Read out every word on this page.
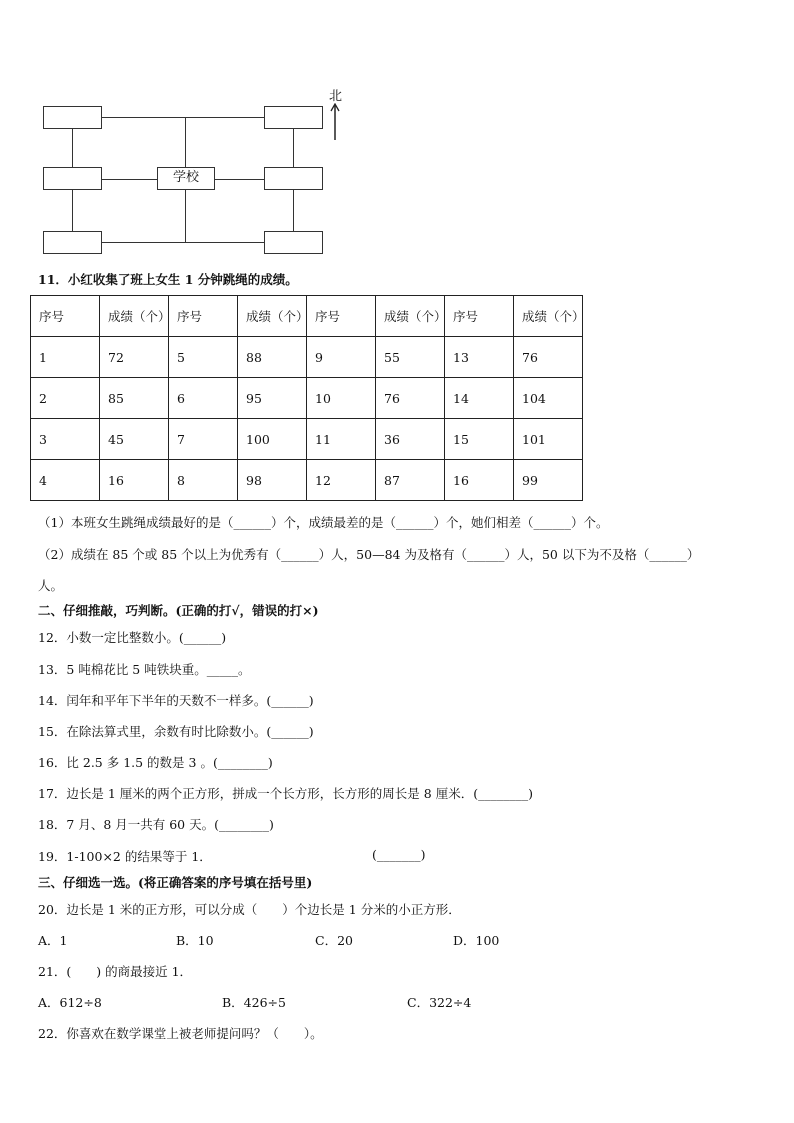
学校
北
11．小红收集了班上女生 1 分钟跳绳的成绩。
序号	成绩（个）	序号	成绩（个）	序号	成绩（个）	序号	成绩（个）
1	72	5	88	9	55	13	76
2	85	6	95	10	76	14	104
3	45	7	100	11	36	15	101
4	16	8	98	12	87	16	99
（1）本班女生跳绳成绩最好的是（______）个，成绩最差的是（______）个，她们相差（______）个。
（2）成绩在 85 个或 85 个以上为优秀有（______）人，50—84 为及格有（______）人，50 以下为不及格（______）
人。
二、仔细推敲，巧判断。(正确的打√，错误的打×)
12．小数一定比整数小。(______)
13．5 吨棉花比 5 吨铁块重。_____。
14．闰年和平年下半年的天数不一样多。(______)
15．在除法算式里，余数有时比除数小。(______)
16．比 2.5 多 1.5 的数是 3 。(________)
17．边长是 1 厘米的两个正方形，拼成一个长方形，长方形的周长是 8 厘米．(________)
18．7 月、8 月一共有 60 天。(________)
19．1-100×2 的结果等于 1．	(_______)
三、仔细选一选。(将正确答案的序号填在括号里)
20．边长是 1 米的正方形，可以分成（　　）个边长是 1 分米的小正方形．
A．1	B．10	C．20	D．100
21．(　　) 的商最接近 1．
A．612÷8	B．426÷5	C．322÷4
22．你喜欢在数学课堂上被老师提问吗？（　　）。
